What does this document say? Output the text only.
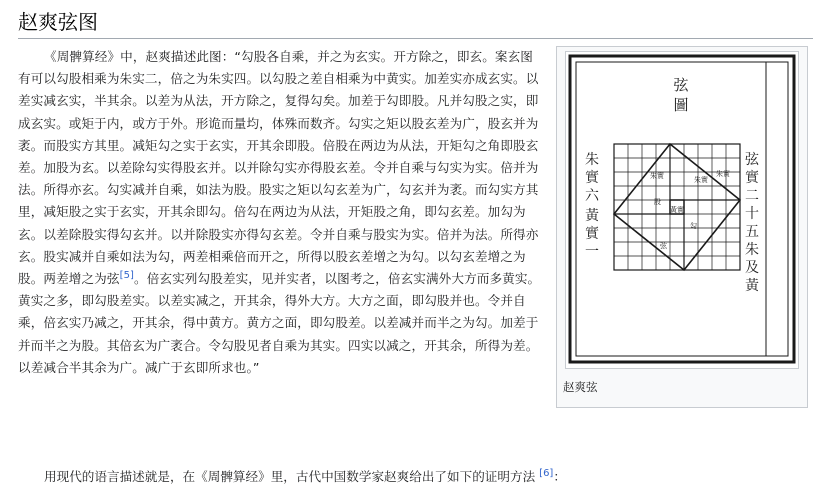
赵爽弦图

《周髀算经》中，赵爽描述此图：“勾股各自乘，并之为玄实。开方除之，即玄。案玄图有可以勾股相乘为朱实二，倍之为朱实四。以勾股之差自相乘为中黄实。加差实亦成玄实。以差实减玄实，半其余。以差为从法，开方除之，复得勾矣。加差于勾即股。凡并勾股之实，即成玄实。或矩于内，或方于外。形诡而量均，体殊而数齐。勾实之矩以股玄差为广，股玄并为袤。而股实方其里。减矩勾之实于玄实，开其余即股。倍股在两边为从法，开矩勾之角即股玄差。加股为玄。以差除勾实得股玄并。以并除勾实亦得股玄差。令并自乘与勾实为实。倍并为法。所得亦玄。勾实减并自乘，如法为股。股实之矩以勾玄差为广，勾玄并为袤。而勾实方其里，减矩股之实于玄实，开其余即勾。倍勾在两边为从法，开矩股之角，即勾玄差。加勾为玄。以差除股实得勾玄并。以并除股实亦得勾玄差。令并自乘与股实为实。倍并为法。所得亦玄。股实减并自乘如法为勾，两差相乘倍而开之，所得以股玄差增之为勾。以勾玄差增之为股。两差增之为弦[5]。倍玄实列勾股差实，见并实者，以图考之，倍玄实满外大方而多黄实。黄实之多，即勾股差实。以差实减之，开其余，得外大方。大方之面，即勾股并也。令并自乘，倍玄实乃减之，开其余，得中黄方。黄方之面，即勾股差。以差减并而半之为勾。加差于并而半之为股。其倍玄为广袤合。令勾股见者自乘为其实。四实以减之，开其余，所得为差。以差减合半其余为广。减广于玄即所求也。”

用现代的语言描述就是，在《周髀算经》里，古代中国数学家赵爽给出了如下的证明方法 [6]：

弦
圖
朱
實
六
黃
實
一
弦
實
二
十
五
朱
及
黃
朱實	朱實
朱實
黃實
勾
股
弦
赵爽弦
